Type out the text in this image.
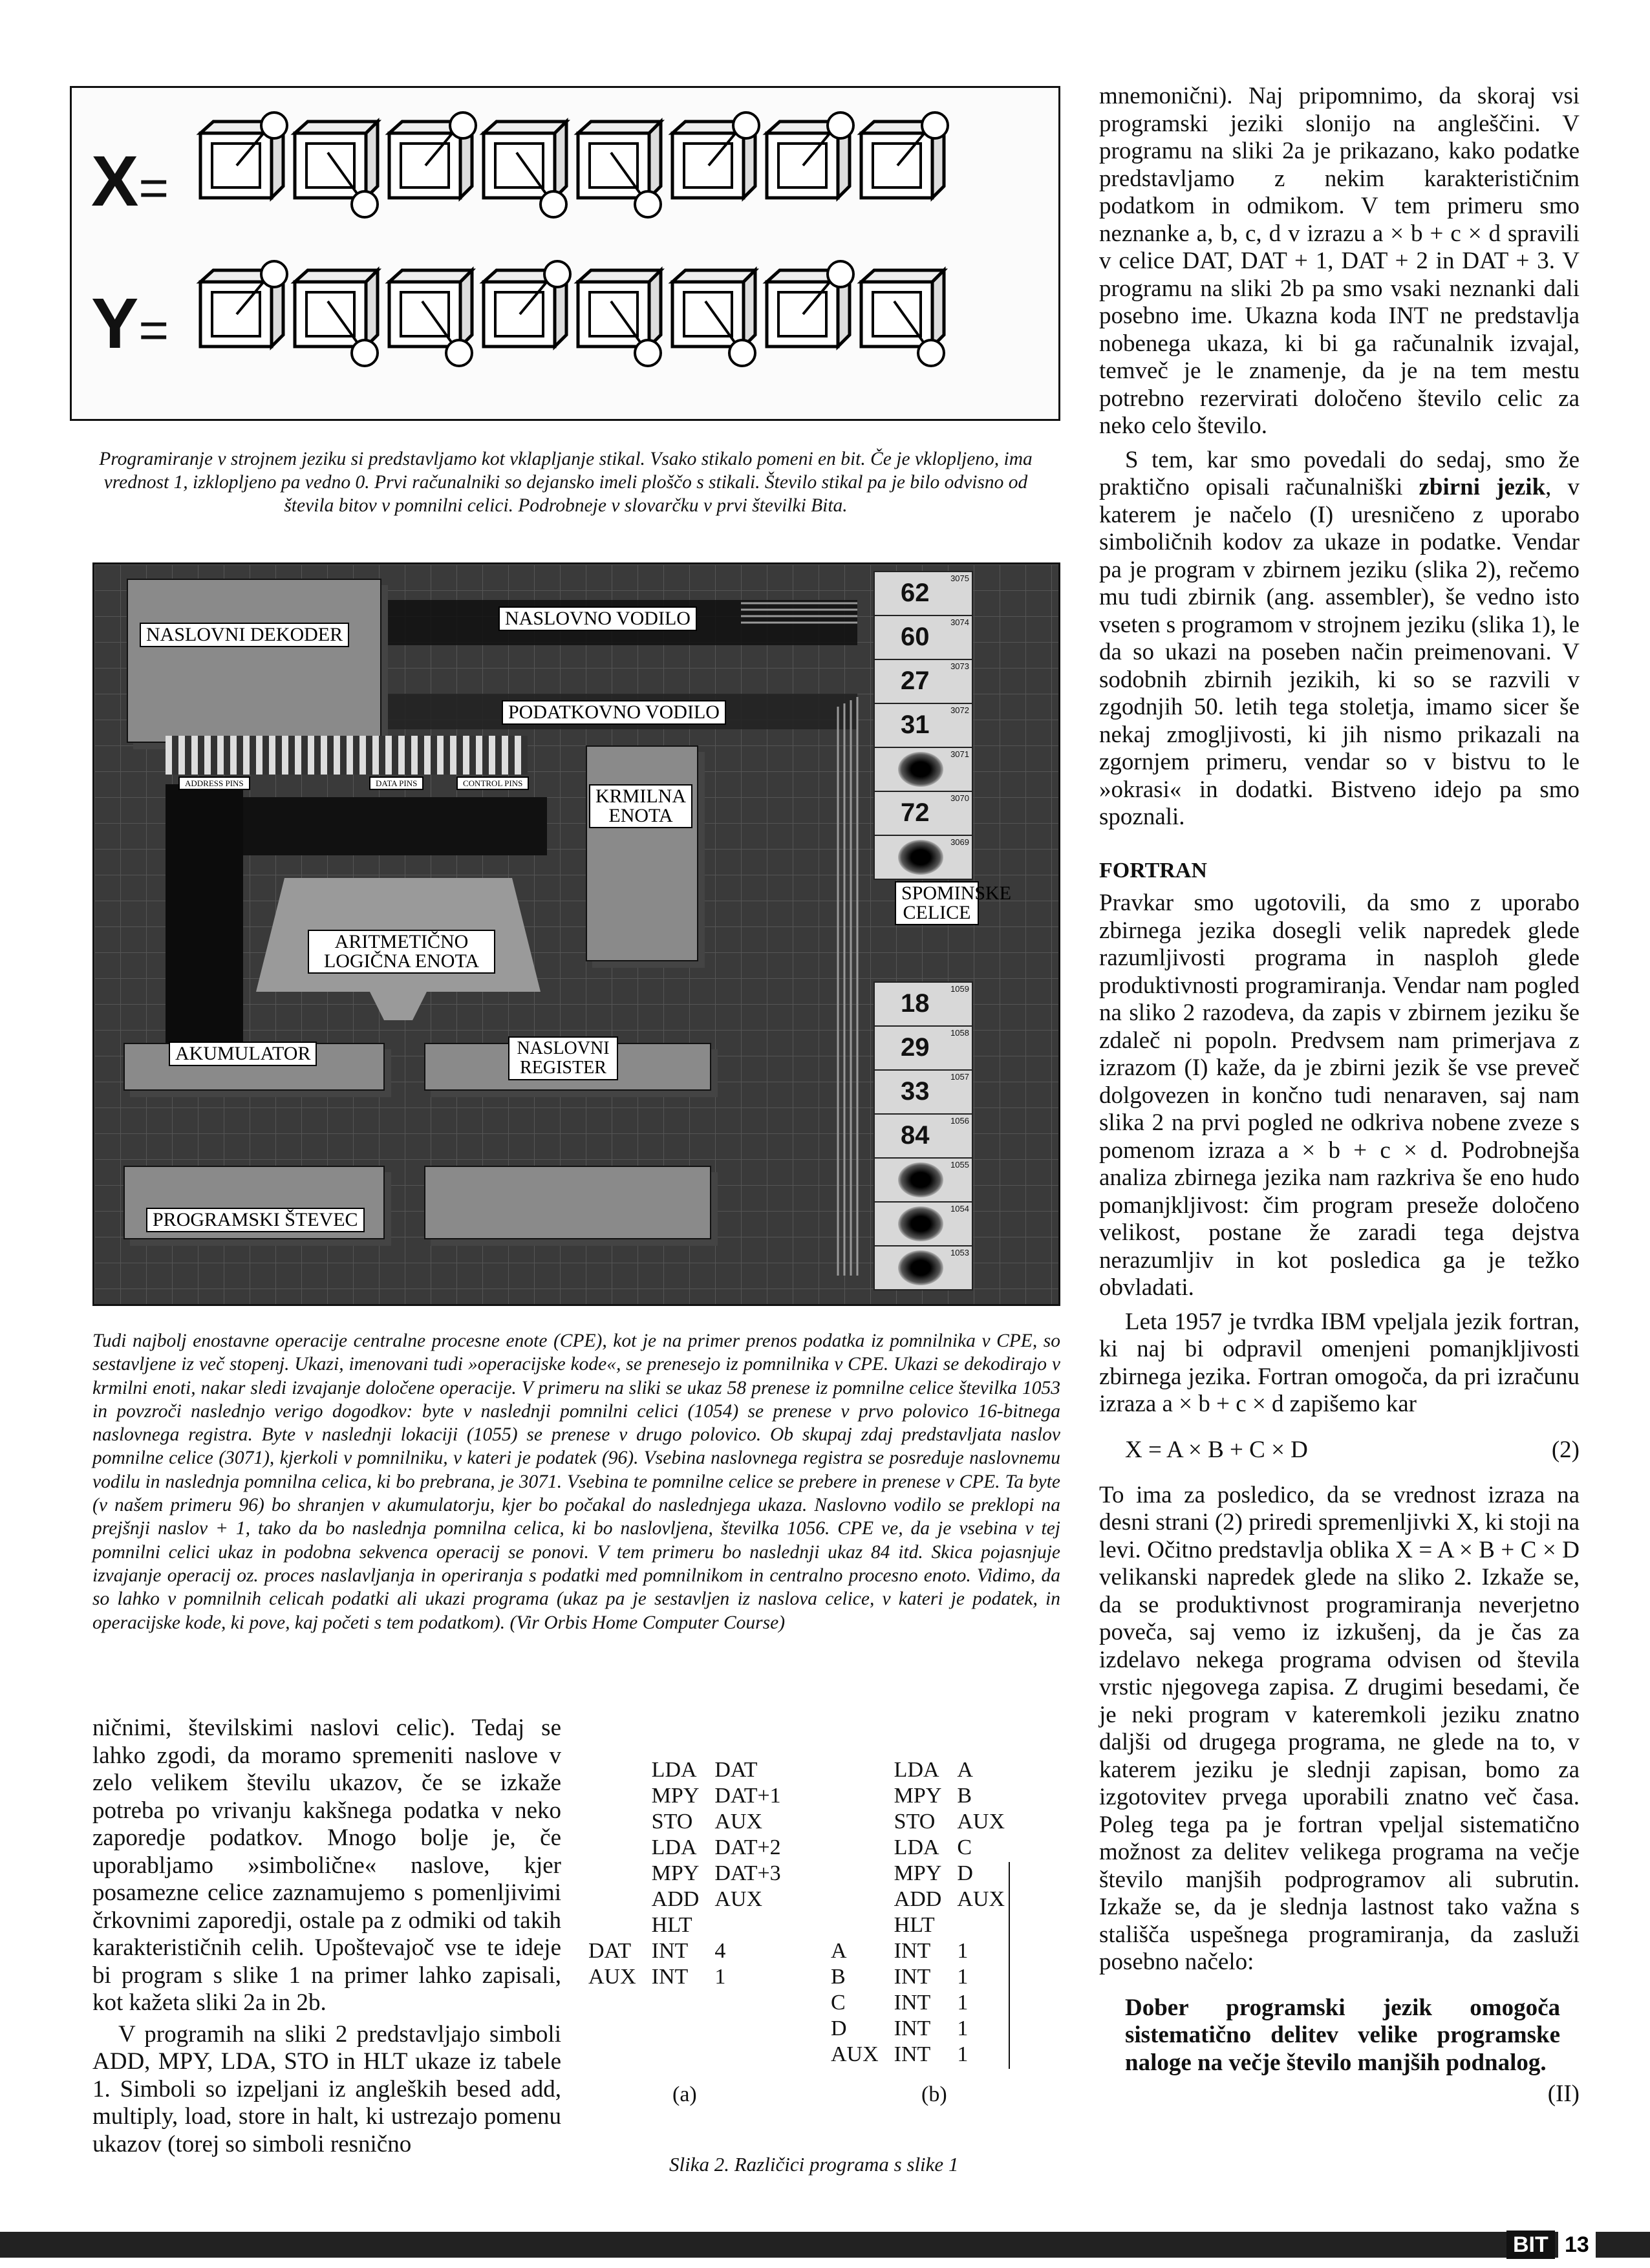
X=
Y=
Programiranje v strojnem jeziku si predstavljamo kot vklapljanje stikal. Vsako stikalo pomeni en bit. Če je vklopljeno, ima vrednost 1, izklopljeno pa vedno 0. Prvi računalniki so dejansko imeli ploščo s stikali. Število stikal pa je bilo odvisno od števila bitov v pomnilni celici. Podrobneje v slovarčku v prvi številki Bita.
NASLOVNI DEKODER
NASLOVNO VODILO
PODATKOVNO VODILO
ADDRESS PINS	DATA PINS	CONTROL PINS
KRMILNA ENOTA
ARITMETIČNO LOGIČNA ENOTA
AKUMULATOR	NASLOVNI REGISTER
PROGRAMSKI ŠTEVEC
3075
62
3074
60
3073
27
3072
31
3071
3070
72
3069
SPOMINSKE CELICE
1059
18
1058
29
1057
33
1056
84
1055
1054
1053
Tudi najbolj enostavne operacije centralne procesne enote (CPE), kot je na primer prenos podatka iz pomnilnika v CPE, so sestavljene iz več stopenj. Ukazi, imenovani tudi »operacijske kode«, se prenesejo iz pomnilnika v CPE. Ukazi se dekodirajo v krmilni enoti, nakar sledi izvajanje določene operacije. V primeru na sliki se ukaz 58 prenese iz pomnilne celice številka 1053 in povzroči naslednjo verigo dogodkov: byte v naslednji pomnilni celici (1054) se prenese v prvo polovico 16-bitnega naslovnega registra. Byte v naslednji lokaciji (1055) se prenese v drugo polovico. Ob skupaj zdaj predstavljata naslov pomnilne celice (3071), kjerkoli v pomnilniku, v kateri je podatek (96). Vsebina naslovnega registra se posreduje naslovnemu vodilu in naslednja pomnilna celica, ki bo prebrana, je 3071. Vsebina te pomnilne celice se prebere in prenese v CPE. Ta byte (v našem primeru 96) bo shranjen v akumulatorju, kjer bo počakal do naslednjega ukaza. Naslovno vodilo se preklopi na prejšnji naslov + 1, tako da bo naslednja pomnilna celica, ki bo naslovljena, številka 1056. CPE ve, da je vsebina v tej pomnilni celici ukaz in podobna sekvenca operacij se ponovi. V tem primeru bo naslednji ukaz 84 itd. Skica pojasnjuje izvajanje operacij oz. proces naslavljanja in operiranja s podatki med pomnilnikom in centralno procesno enoto. Vidimo, da so lahko v pomnilnih celicah podatki ali ukazi programa (ukaz pa je sestavljen iz naslova celice, v kateri je podatek, in operacijske kode, ki pove, kaj početi s tem podatkom). (Vir Orbis Home Computer Course)

ničnimi, številskimi naslovi celic). Tedaj se lahko zgodi, da moramo spremeniti naslove v zelo velikem številu ukazov, če se izkaže potreba po vrivanju kakšnega podatka v neko zaporedje podatkov. Mnogo bolje je, če uporabljamo »simbolične« naslove, kjer posamezne celice zaznamujemo s pomenljivimi črkovnimi zaporedji, ostale pa z odmiki od takih karakterističnih celih. Upoštevajoč vse te ideje bi program s slike 1 na primer lahko zapisali, kot kažeta sliki 2a in 2b.

V programih na sliki 2 predstavljajo simboli ADD, MPY, LDA, STO in HLT ukaze iz tabele 1. Simboli so izpeljani iz angleških besed add, multiply, load, store in halt, ki ustrezajo pomenu ukazov (torej so simboli resnično

	LDA	DAT
	MPY	DAT+1
	STO	AUX
	LDA	DAT+2
	MPY	DAT+3
	ADD	AUX
	HLT	
DAT	INT	4
AUX	INT	1
(a)
	LDA	A
	MPY	B
	STO	AUX
	LDA	C
	MPY	D
	ADD	AUX
	HLT	
A	INT	1
B	INT	1
C	INT	1
D	INT	1
AUX	INT	1
(b)
Slika 2. Različici programa s slike 1

mnemonični). Naj pripomnimo, da skoraj vsi programski jeziki slonijo na angleščini. V programu na sliki 2a je prikazano, kako podatke predstavljamo z nekim karakterističnim podatkom in odmikom. V tem primeru smo neznanke a, b, c, d v izrazu a × b + c × d spravili v celice DAT, DAT + 1, DAT + 2 in DAT + 3. V programu na sliki 2b pa smo vsaki neznanki dali posebno ime. Ukazna koda INT ne predstavlja nobenega ukaza, ki bi ga računalnik izvajal, temveč je le znamenje, da je na tem mestu potrebno rezervirati določeno število celic za neko celo število.

S tem, kar smo povedali do sedaj, smo že praktično opisali računalniški zbirni jezik, v katerem je načelo (I) uresničeno z uporabo simboličnih kodov za ukaze in podatke. Vendar pa je program v zbirnem jeziku (slika 2), rečemo mu tudi zbirnik (ang. assembler), še vedno isto vseten s programom v strojnem jeziku (slika 1), le da so ukazi na poseben način preimenovani. V sodobnih zbirnih jezikih, ki so se razvili v zgodnjih 50. letih tega stoletja, imamo sicer še nekaj zmogljivosti, ki jih nismo prikazali na zgornjem primeru, vendar so v bistvu to le »okrasi« in dodatki. Bistveno idejo pa smo spoznali.

FORTRAN

Pravkar smo ugotovili, da smo z uporabo zbirnega jezika dosegli velik napredek glede razumljivosti programa in nasploh glede produktivnosti programiranja. Vendar nam pogled na sliko 2 razodeva, da zapis v zbirnem jeziku še zdaleč ni popoln. Predvsem nam primerjava z izrazom (I) kaže, da je zbirni jezik še vse preveč dolgovezen in končno tudi nenaraven, saj nam slika 2 na prvi pogled ne odkriva nobene zveze s pomenom izraza a × b + c × d. Podrobnejša analiza zbirnega jezika nam razkriva še eno hudo pomanjkljivost: čim program preseže določeno velikost, postane že zaradi tega dejstva nerazumljiv in kot posledica ga je težko obvladati.

Leta 1957 je tvrdka IBM vpeljala jezik fortran, ki naj bi odpravil omenjeni pomanjkljivosti zbirnega jezika. Fortran omogoča, da pri izračunu izraza a × b + c × d zapišemo kar

X = A × B + C × D	(2)

To ima za posledico, da se vrednost izraza na desni strani (2) priredi spremenljivki X, ki stoji na levi. Očitno predstavlja oblika X = A × B + C × D velikanski napredek glede na sliko 2. Izkaže se, da se produktivnost programiranja neverjetno poveča, saj vemo iz izkušenj, da je čas za izdelavo nekega programa odvisen od števila vrstic njegovega zapisa. Z drugimi besedami, če je neki program v kateremkoli jeziku znatno daljši od drugega programa, ne glede na to, v katerem jeziku je slednji zapisan, bomo za izgotovitev prvega uporabili znatno več časa. Poleg tega pa je fortran vpeljal sistematično možnost za delitev velikega programa na večje število manjših podprogramov ali subrutin. Izkaže se, da je slednja lastnost tako važna s stališča uspešnega programiranja, da zasluži posebno načelo:

Dober programski jezik omogoča sistematično delitev velike programske naloge na večje število manjših podnalog.

(II)
BIT 13
